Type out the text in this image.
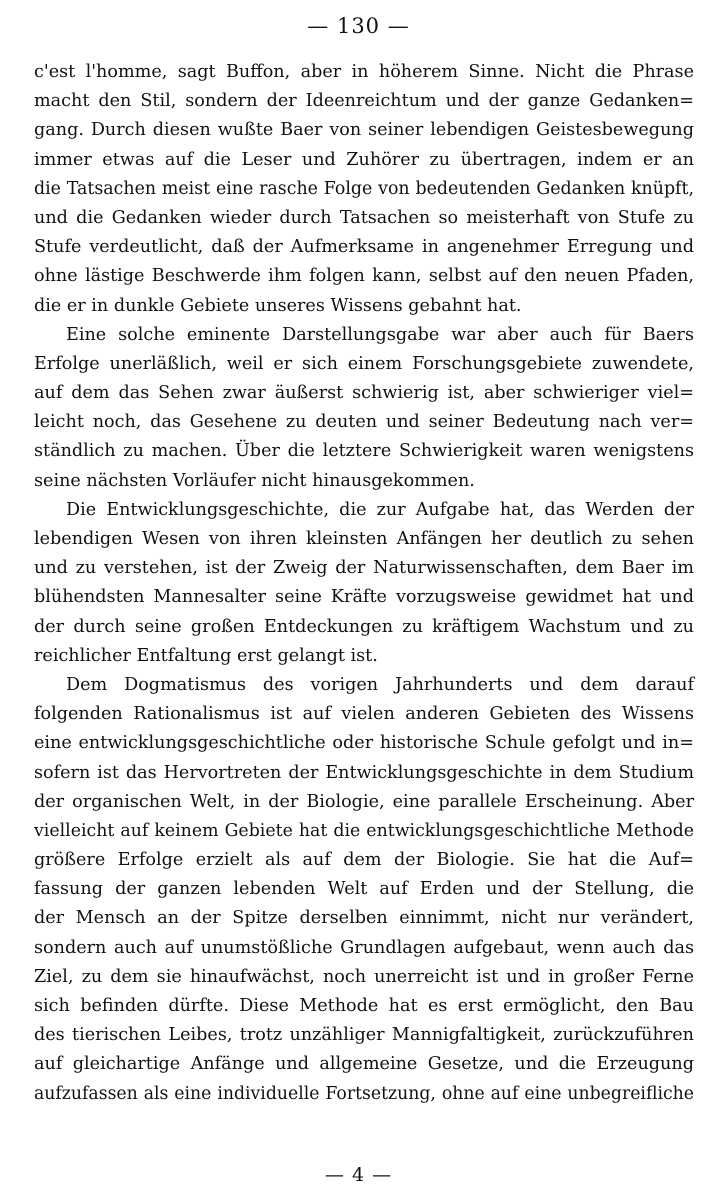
— 130 —
c'est l'homme, sagt Buffon, aber in höherem Sinne. Nicht die Phrase
macht den Stil, sondern der Ideenreichtum und der ganze Gedanken=
gang. Durch diesen wußte Baer von seiner lebendigen Geistesbewegung
immer etwas auf die Leser und Zuhörer zu übertragen, indem er an
die Tatsachen meist eine rasche Folge von bedeutenden Gedanken knüpft,
und die Gedanken wieder durch Tatsachen so meisterhaft von Stufe zu
Stufe verdeutlicht, daß der Aufmerksame in angenehmer Erregung und
ohne lästige Beschwerde ihm folgen kann, selbst auf den neuen Pfaden,
die er in dunkle Gebiete unseres Wissens gebahnt hat.
Eine solche eminente Darstellungsgabe war aber auch für Baers
Erfolge unerläßlich, weil er sich einem Forschungsgebiete zuwendete,
auf dem das Sehen zwar äußerst schwierig ist, aber schwieriger viel=
leicht noch, das Gesehene zu deuten und seiner Bedeutung nach ver=
ständlich zu machen. Über die letztere Schwierigkeit waren wenigstens
seine nächsten Vorläufer nicht hinausgekommen.
Die Entwicklungsgeschichte, die zur Aufgabe hat, das Werden der
lebendigen Wesen von ihren kleinsten Anfängen her deutlich zu sehen
und zu verstehen, ist der Zweig der Naturwissenschaften, dem Baer im
blühendsten Mannesalter seine Kräfte vorzugsweise gewidmet hat und
der durch seine großen Entdeckungen zu kräftigem Wachstum und zu
reichlicher Entfaltung erst gelangt ist.
Dem Dogmatismus des vorigen Jahrhunderts und dem darauf
folgenden Rationalismus ist auf vielen anderen Gebieten des Wissens
eine entwicklungsgeschichtliche oder historische Schule gefolgt und in=
sofern ist das Hervortreten der Entwicklungsgeschichte in dem Studium
der organischen Welt, in der Biologie, eine parallele Erscheinung. Aber
vielleicht auf keinem Gebiete hat die entwicklungsgeschichtliche Methode
größere Erfolge erzielt als auf dem der Biologie. Sie hat die Auf=
fassung der ganzen lebenden Welt auf Erden und der Stellung, die
der Mensch an der Spitze derselben einnimmt, nicht nur verändert,
sondern auch auf unumstößliche Grundlagen aufgebaut, wenn auch das
Ziel, zu dem sie hinaufwächst, noch unerreicht ist und in großer Ferne
sich befinden dürfte. Diese Methode hat es erst ermöglicht, den Bau
des tierischen Leibes, trotz unzähliger Mannigfaltigkeit, zurückzuführen
auf gleichartige Anfänge und allgemeine Gesetze, und die Erzeugung
aufzufassen als eine individuelle Fortsetzung, ohne auf eine unbegreifliche
— 4 —
